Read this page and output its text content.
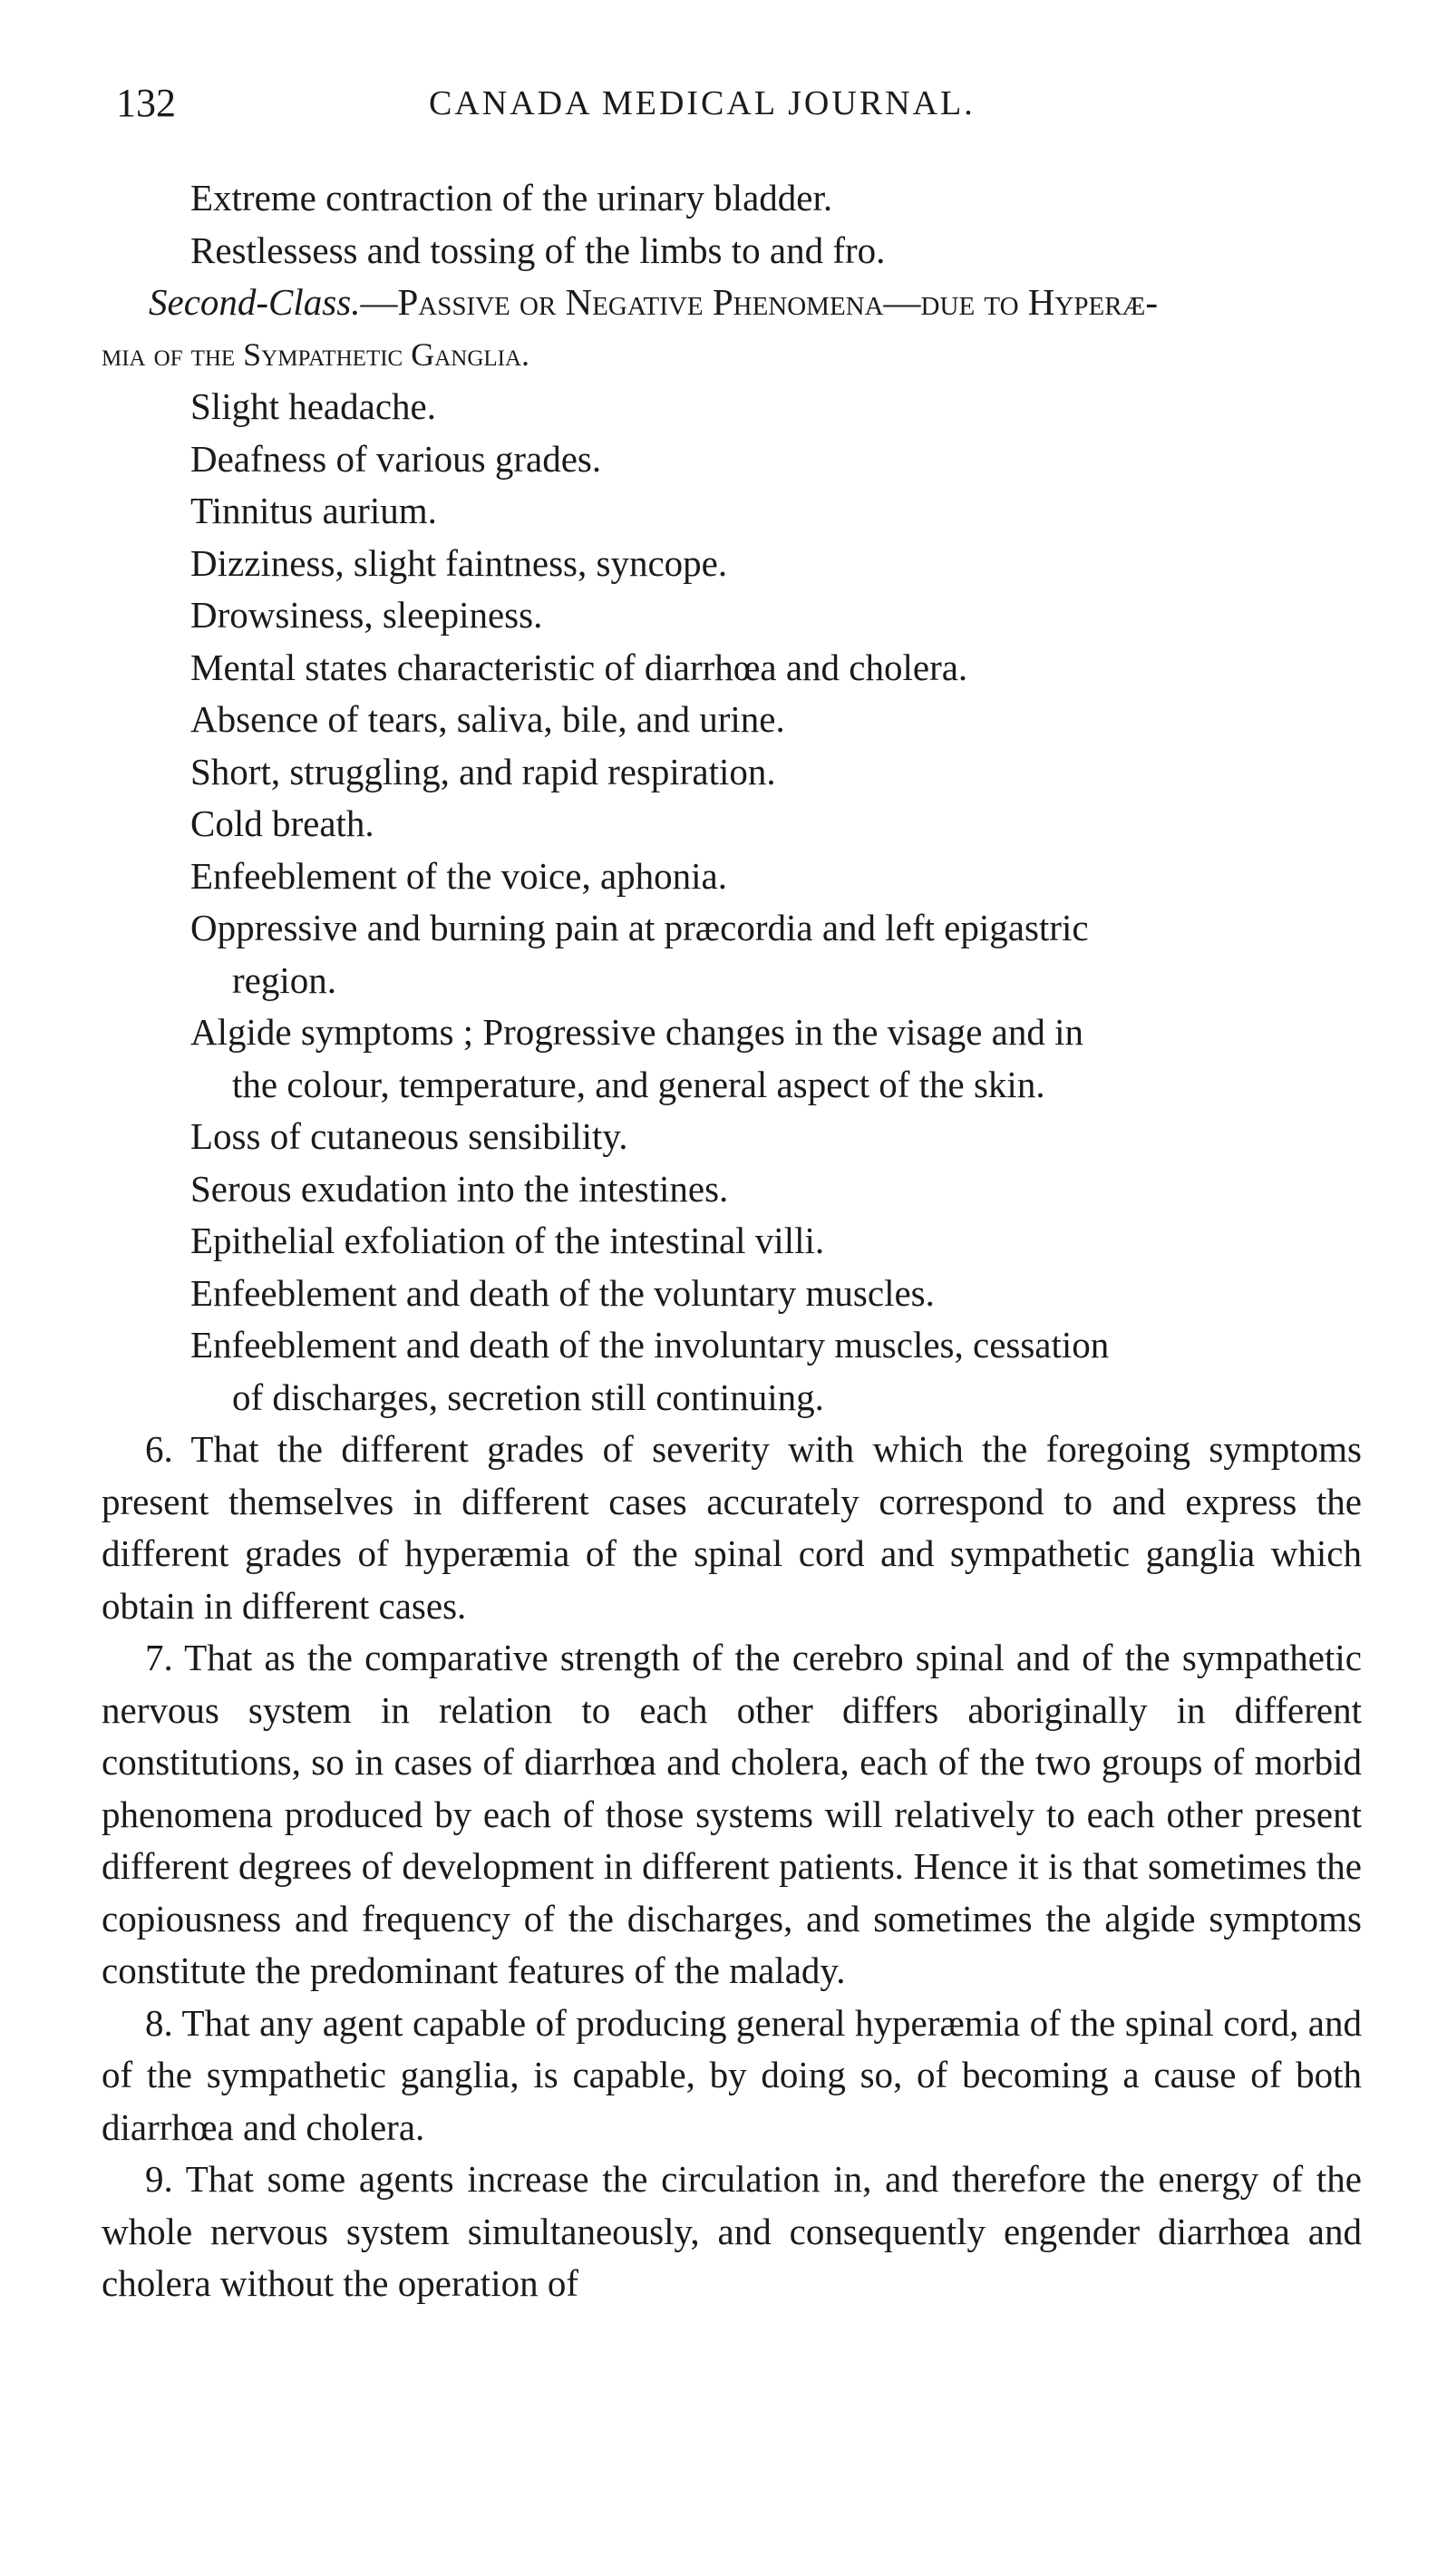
132	CANADA MEDICAL JOURNAL.
Extreme contraction of the urinary bladder.
Restlessess and tossing of the limbs to and fro.
Second-Class.—Passive or Negative Phenomena—due to Hyperæ-
mia of the Sympathetic Ganglia.
Slight headache.
Deafness of various grades.
Tinnitus aurium.
Dizziness, slight faintness, syncope.
Drowsiness, sleepiness.
Mental states characteristic of diarrhœa and cholera.
Absence of tears, saliva, bile, and urine.
Short, struggling, and rapid respiration.
Cold breath.
Enfeeblement of the voice, aphonia.
Oppressive and burning pain at præcordia and left epigastric
region.
Algide symptoms ; Progressive changes in the visage and in
the colour, temperature, and general aspect of the skin.
Loss of cutaneous sensibility.
Serous exudation into the intestines.
Epithelial exfoliation of the intestinal villi.
Enfeeblement and death of the voluntary muscles.
Enfeeblement and death of the involuntary muscles, cessation
of discharges, secretion still continuing.

6. That the different grades of severity with which the foregoing symptoms present themselves in different cases accurately correspond to and express the different grades of hyperæmia of the spinal cord and sympathetic ganglia which obtain in different cases.

7. That as the comparative strength of the cerebro spinal and of the sympathetic nervous system in relation to each other differs aboriginally in different constitutions, so in cases of diarrhœa and cholera, each of the two groups of morbid phenomena produced by each of those systems will relatively to each other present different degrees of development in different patients. Hence it is that sometimes the copiousness and frequency of the discharges, and sometimes the algide symptoms constitute the predominant features of the malady.

8. That any agent capable of producing general hyperæmia of the spinal cord, and of the sympathetic ganglia, is capable, by doing so, of becoming a cause of both diarrhœa and cholera.

9. That some agents increase the circulation in, and therefore the energy of the whole nervous system simultaneously, and consequently engender diarrhœa and cholera without the operation of
